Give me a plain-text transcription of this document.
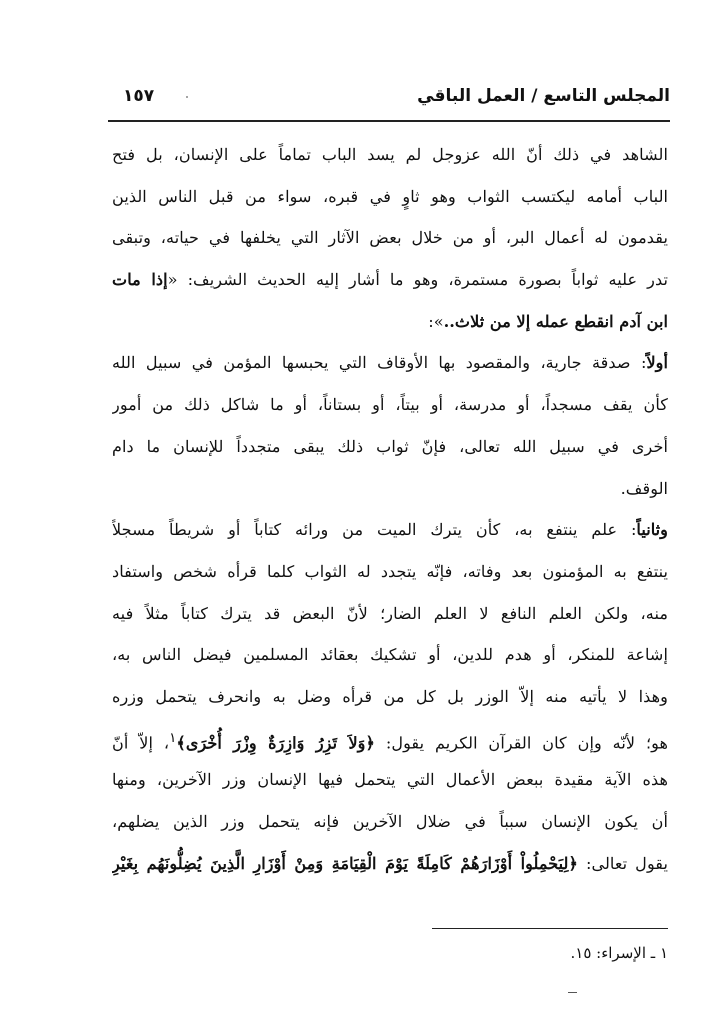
المجلس التاسع / العمل الباقي
١٥٧
الشاهد في ذلك أنّ الله عزوجل لم يسد الباب تماماً على الإنسان، بل فتح
الباب أمامه ليكتسب الثواب وهو ثاوٍ في قبره، سواء من قبل الناس الذين
يقدمون له أعمال البر، أو من خلال بعض الآثار التي يخلفها في حياته، وتبقى
تدر عليه ثواباً بصورة مستمرة، وهو ما أشار إليه الحديث الشريف: «إذا مات
ابن آدم انقطع عمله إلا من ثلاث..»:
أولاً: صدقة جارية، والمقصود بها الأوقاف التي يحبسها المؤمن في سبيل الله
كأن يقف مسجداً، أو مدرسة، أو بيتاً، أو بستاناً، أو ما شاكل ذلك من أمور
أخرى في سبيل الله تعالى، فإنّ ثواب ذلك يبقى متجدداً للإنسان ما دام
الوقف.
وثانياً: علم ينتفع به، كأن يترك الميت من ورائه كتاباً أو شريطاً مسجلاً
ينتفع به المؤمنون بعد وفاته، فإنّه يتجدد له الثواب كلما قرأه شخص واستفاد
منه، ولكن العلم النافع لا العلم الضار؛ لأنّ البعض قد يترك كتاباً مثلاً فيه
إشاعة للمنكر، أو هدم للدين، أو تشكيك بعقائد المسلمين فيضل الناس به،
وهذا لا يأتيه منه إلاّ الوزر بل كل من قرأه وضل به وانحرف يتحمل وزره
هو؛ لأنّه وإن كان القرآن الكريم يقول: ﴿وَلاَ تَزِرُ وَازِرَةٌ وِزْرَ أُخْرَى﴾$^١$، إلاّ أنّ
هذه الآية مقيدة ببعض الأعمال التي يتحمل فيها الإنسان وزر الآخرين، ومنها
أن يكون الإنسان سبباً في ضلال الآخرين فإنه يتحمل وزر الذين يضلهم،
يقول تعالى: ﴿لِيَحْمِلُواْ أَوْزَارَهُمْ كَامِلَةً يَوْمَ الْقِيَامَةِ وَمِنْ أَوْزَارِ الَّذِينَ يُضِلُّونَهُم بِغَيْرِ
١ ـ الإسراء: ١٥.
